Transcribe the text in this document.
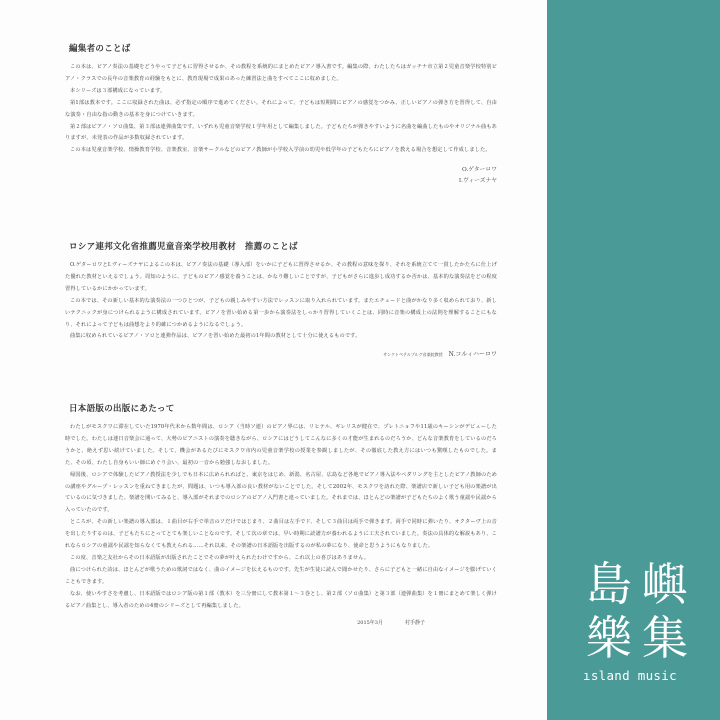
編集者のことば

この本は、ピアノ奏法の基礎をどうやって子どもに習得させるか、その教程を系統的にまとめたピアノ導入書です。編集の際、わたしたちはガッチナ市立第２児童音楽学校特別ピアノ・クラスでの長年の音楽教育の経験をもとに、教育現場で成果のあった練習法と曲をすべてここに収めました。

本シリーズは３部構成になっています。

第1部は教本です。ここに収録された曲は、必ず指定の順序で進めてください。それによって、子どもは短期間にピアノの感覚をつかみ、正しいピアノの弾き方を習得して、自由な演奏・自由な指の動きの基本を身につけていきます。

第２部はピアノ・ソロ曲集、第３部は連弾曲集です。いずれも児童音楽学校１学年用として編集しました。子どもたちが弾きやすいように名曲を編曲したものやオリジナル曲もありますが、未発表の作品が多数収録されています。

この本は児童音楽学校、情操教育学校、音楽教室、音楽サークルなどのピアノ教師が小学校入学前の幼児や低学年の子どもたちにピアノを教える場合を想定して作成しました。

O.ゲターロワ
I.ヴィーズナヤ
ロシア連邦文化省推薦児童音楽学校用教材　推薦のことば

O.ゲターロワとI.ヴィーズナヤによるこの本は、ピアノ奏法の基礎（導入部）をいかに子どもに習得させるか、その教程の意味を探り、それを系統立てて一貫したかたちに仕上げた優れた教材といえるでしょう。周知のように、子どものピアノ感覚を養うことは、かなり難しいことですが、子どもがさらに進歩し成功するか否かは、基本的な演奏法をどの程度習得しているかにかかっています。

この本では、その新しい基本的な演奏法の一つひとつが、子どもの親しみやすい方法でレッスンに取り入れられています。またエチュードと曲がかなり多く収められており、新しいテクニックが身につけられるように構成されています。ピアノを習い始める第一歩から演奏法をしっかり習得していくことは、同時に音楽の構成上の法則を理解することにもなり、それによって子どもは曲想をより的確につかめるようになるでしょう。

曲集に収められているピアノ・ソロと連弾作品は、ピアノを習い始めた最初の1年間の教材として十分に使えるものです。

サンクトペテルブルグ音楽院教授 N.コルィハーロワ
日本語版の出版にあたって

わたしがモスクワに滞在していた1970年代末から数年間は、ロシア（当時ソ連）のピアノ界には、リヒテル、ギレリスが健在で、プレトニョフや11歳のキーシンがデビューした時でした。わたしは連日音楽会に通って、大勢のピアニストの演奏を聴きながら、ロシアにはどうしてこんなに多くの才能が生まれるのだろうか、どんな音楽教育をしているのだろうかと、絶えず思い続けていました。そして、機会があるたびにモスクワ市内の児童音楽学校の授業を参観しましたが、その徹底した教え方にはいつも驚嘆したものでした。また、その頃、わたし自身もいい師にめぐり会い、最初の一音から勉強しなおしました。

帰国後、ロシアで体験したピアノ教授法を少しでも日本に広められればと、東京をはじめ、新潟、名古屋、広島など各地でピアノ導入法やペダリングを主としたピアノ教師のための講座やグループ・レッスンを重ねてきましたが、問題は、いつも導入部の良い教材がないことでした。そして2002年、モスクワを訪れた際、楽譜店で新しい子ども用の楽譜が出ているのに気づきました。楽譜を開いてみると、導入部がそれまでのロシアのピアノ入門書と違っていました。それまでは、ほとんどの楽譜が子どもたちのよく歌う童謡や民謡から入っていたのです。

ところが、その新しい楽譜の導入部は、１曲目が右手で単音のソだけではじまり、２曲目は左手でド、そして３曲目は両手で弾きます。両手で同時に弾いたり、オクターヴ上の音を出したりするのは、子どもたちにとってとても楽しいことなのです。そして次の章では、早い時期に読譜力が養われるように工夫されていました。奏法の具体的な解説もあり、これならロシアの童謡や民謡を知らなくても教えられる……それ以来、その楽譜の日本語版を出版するのが私の夢になり、使命と思うようにもなりました。

この度、音楽之友社からその日本語版が出版されたことでその夢が叶えられたわけですから、これ以上の喜びはありません。

曲につけられた詩は、ほとんどが歌うための歌詞ではなく、曲のイメージを伝えるものです。先生が生徒に読んで聞かせたり、さらに子どもと一緒に自由なイメージを膨げていくこともできます。

なお、使いやすさを考慮し、日本語版ではロシア版の第１部（教本）を三分冊にして教本第１〜３巻とし、第２部（ソロ曲集）と第３部（連弾曲集）を１冊にまとめて楽しく弾けるピアノ曲集とし、導入者のための4冊のシリーズとして再編集しました。

2015年3月	村手静子
島 嶼
樂 集
ısland music
